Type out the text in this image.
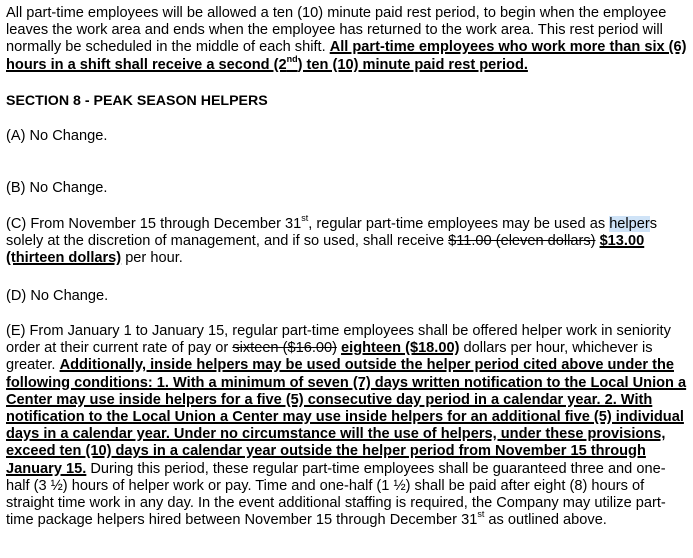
All part-time employees will be allowed a ten (10) minute paid rest period, to begin when the employee leaves the work area and ends when the employee has returned to the work area. This rest period will normally be scheduled in the middle of each shift. All part-time employees who work more than six (6) hours in a shift shall receive a second (2nd) ten (10) minute paid rest period.

SECTION 8 - PEAK SEASON HELPERS

(A) No Change.

(B) No Change.

(C) From November 15 through December 31st, regular part-time employees may be used as helpers solely at the discretion of management, and if so used, shall receive $11.00 (eleven dollars) $13.00 (thirteen dollars) per hour.

(D) No Change.

(E) From January 1 to January 15, regular part-time employees shall be offered helper work in seniority order at their current rate of pay or sixteen ($16.00) eighteen ($18.00) dollars per hour, whichever is greater. Additionally, inside helpers may be used outside the helper period cited above under the following conditions: 1. With a minimum of seven (7) days written notification to the Local Union a Center may use inside helpers for a five (5) consecutive day period in a calendar year. 2. With notification to the Local Union a Center may use inside helpers for an additional five (5) individual days in a calendar year. Under no circumstance will the use of helpers, under these provisions, exceed ten (10) days in a calendar year outside the helper period from November 15 through January 15. During this period, these regular part-time employees shall be guaranteed three and one-half (3 ½) hours of helper work or pay. Time and one-half (1 ½) shall be paid after eight (8) hours of straight time work in any day. In the event additional staffing is required, the Company may utilize part-time package helpers hired between November 15 through December 31st as outlined above.
